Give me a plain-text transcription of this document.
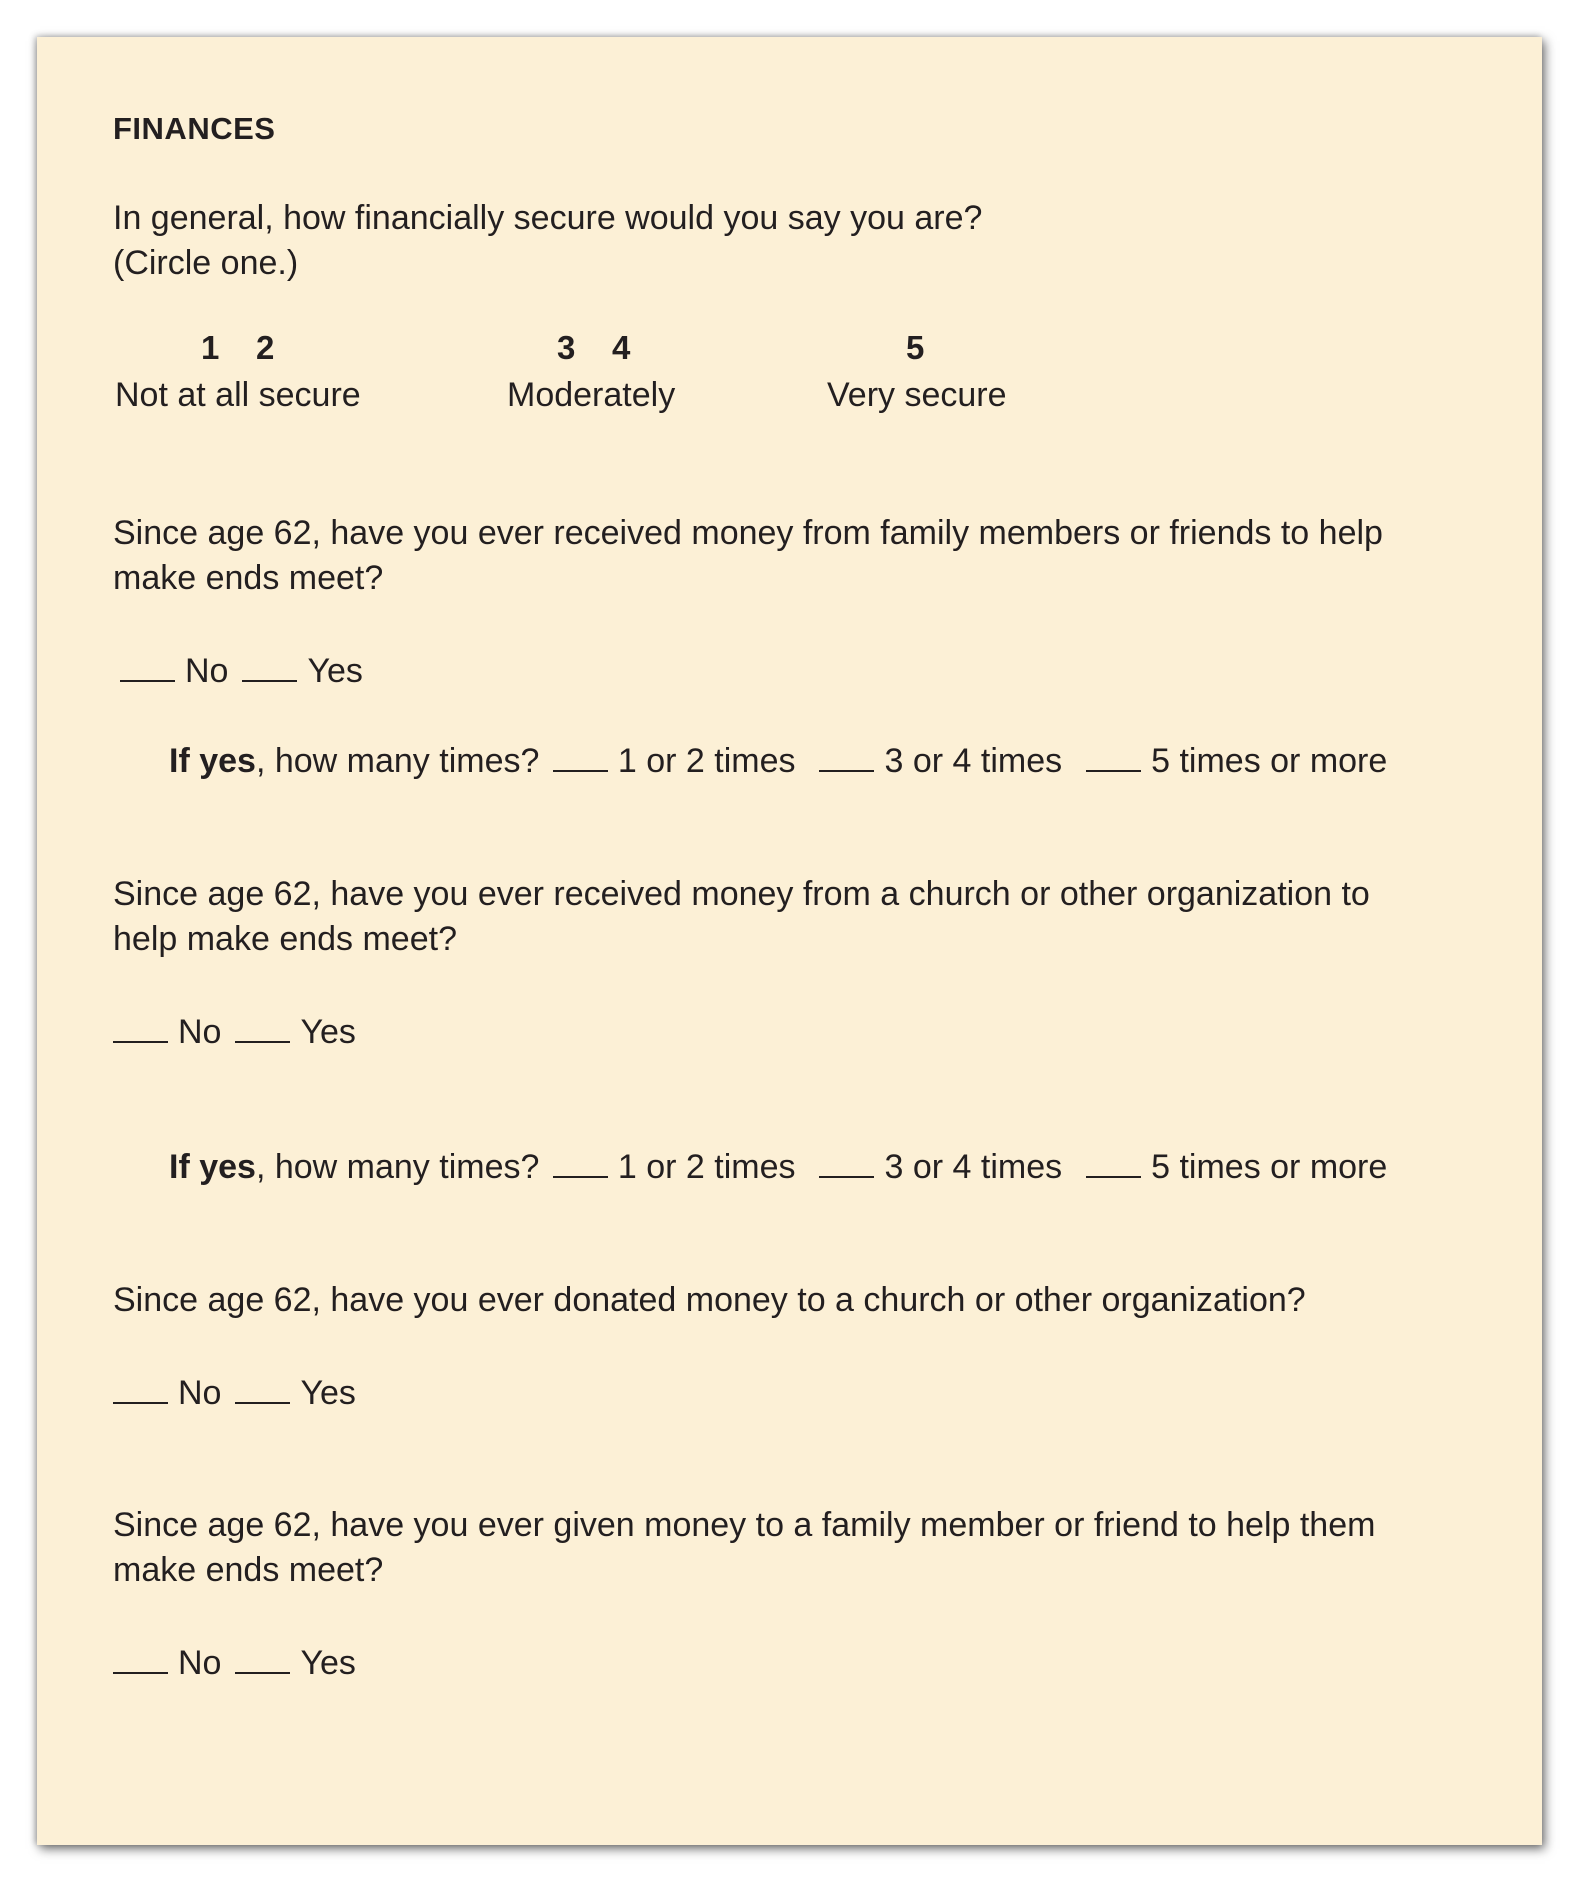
FINANCES
In general, how financially secure would you say you are?
(Circle one.)
1 2	3 4	5
Not at all secure	Moderately	Very secure
Since age 62, have you ever received money from family members or friends to help
make ends meet?
No Yes
If yes, how many times? 1 or 2 times	3 or 4 times	5 times or more
Since age 62, have you ever received money from a church or other organization to
help make ends meet?
No Yes
If yes, how many times? 1 or 2 times	3 or 4 times	5 times or more
Since age 62, have you ever donated money to a church or other organization?
No Yes
Since age 62, have you ever given money to a family member or friend to help them
make ends meet?
No Yes
